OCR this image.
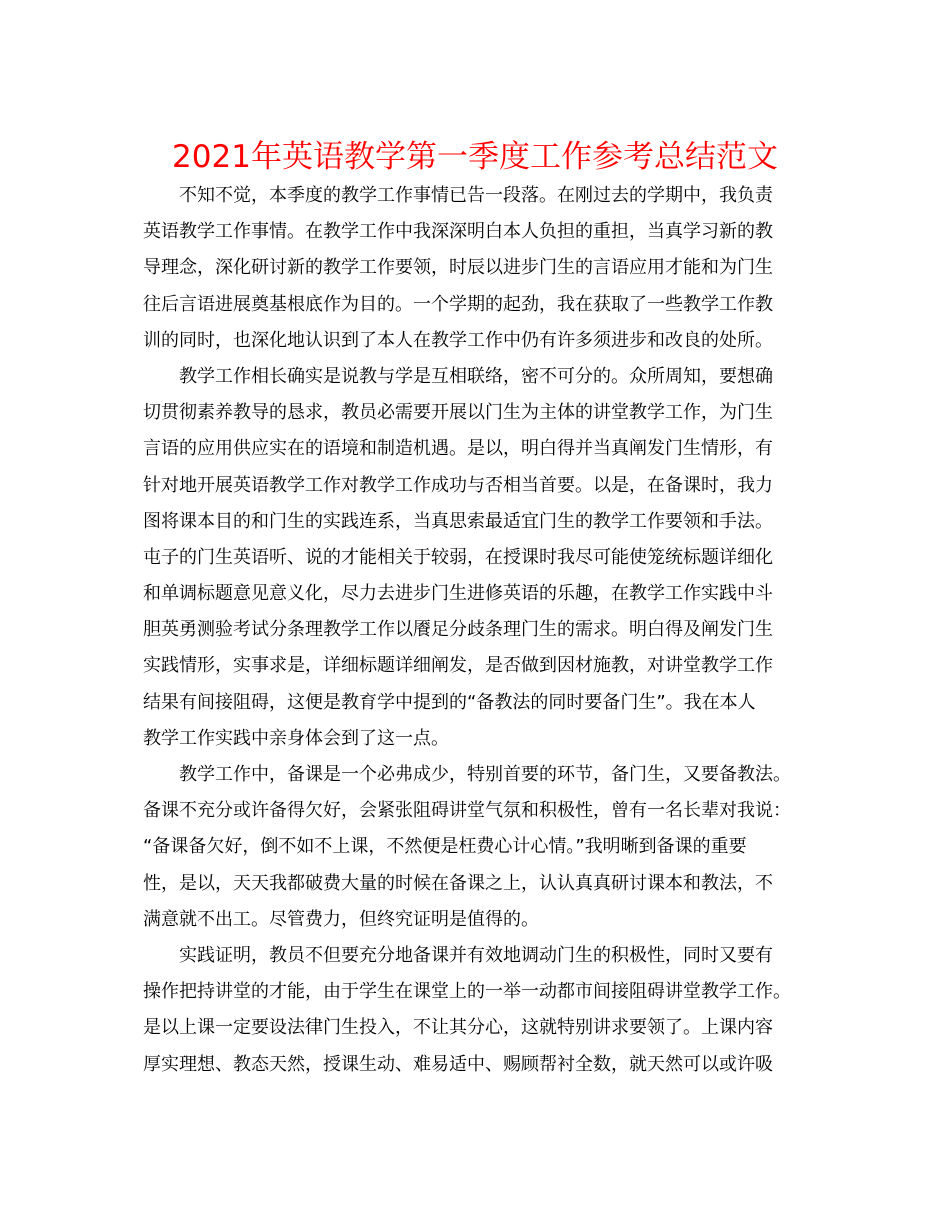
2021年英语教学第一季度工作参考总结范文

不知不觉，本季度的教学工作事情已告一段落。在刚过去的学期中，我负责

英语教学工作事情。在教学工作中我深深明白本人负担的重担，当真学习新的教

导理念，深化研讨新的教学工作要领，时辰以进步门生的言语应用才能和为门生

往后言语进展奠基根底作为目的。一个学期的起劲，我在获取了一些教学工作教

训的同时，也深化地认识到了本人在教学工作中仍有许多须进步和改良的处所。

教学工作相长确实是说教与学是互相联络，密不可分的。众所周知，要想确

切贯彻素养教导的恳求，教员必需要开展以门生为主体的讲堂教学工作，为门生

言语的应用供应实在的语境和制造机遇。是以，明白得并当真阐发门生情形，有

针对地开展英语教学工作对教学工作成功与否相当首要。以是，在备课时，我力

图将课本目的和门生的实践连系，当真思索最适宜门生的教学工作要领和手法。

屯子的门生英语听、说的才能相关于较弱，在授课时我尽可能使笼统标题详细化

和单调标题意见意义化，尽力去进步门生进修英语的乐趣，在教学工作实践中斗

胆英勇测验考试分条理教学工作以餍足分歧条理门生的需求。明白得及阐发门生

实践情形，实事求是，详细标题详细阐发，是否做到因材施教，对讲堂教学工作

结果有间接阻碍，这便是教育学中提到的“备教法的同时要备门生”。我在本人

教学工作实践中亲身体会到了这一点。

教学工作中，备课是一个必弗成少，特别首要的环节，备门生，又要备教法。

备课不充分或许备得欠好，会紧张阻碍讲堂气氛和积极性，曾有一名长辈对我说：

“备课备欠好，倒不如不上课，不然便是枉费心计心情。”我明晰到备课的重要

性，是以，天天我都破费大量的时候在备课之上，认认真真研讨课本和教法，不

满意就不出工。尽管费力，但终究证明是值得的。

实践证明，教员不但要充分地备课并有效地调动门生的积极性，同时又要有

操作把持讲堂的才能，由于学生在课堂上的一举一动都市间接阻碍讲堂教学工作。

是以上课一定要设法律门生投入，不让其分心，这就特别讲求要领了。上课内容

厚实理想、教态天然，授课生动、难易适中、赐顾帮衬全数，就天然可以或许吸
